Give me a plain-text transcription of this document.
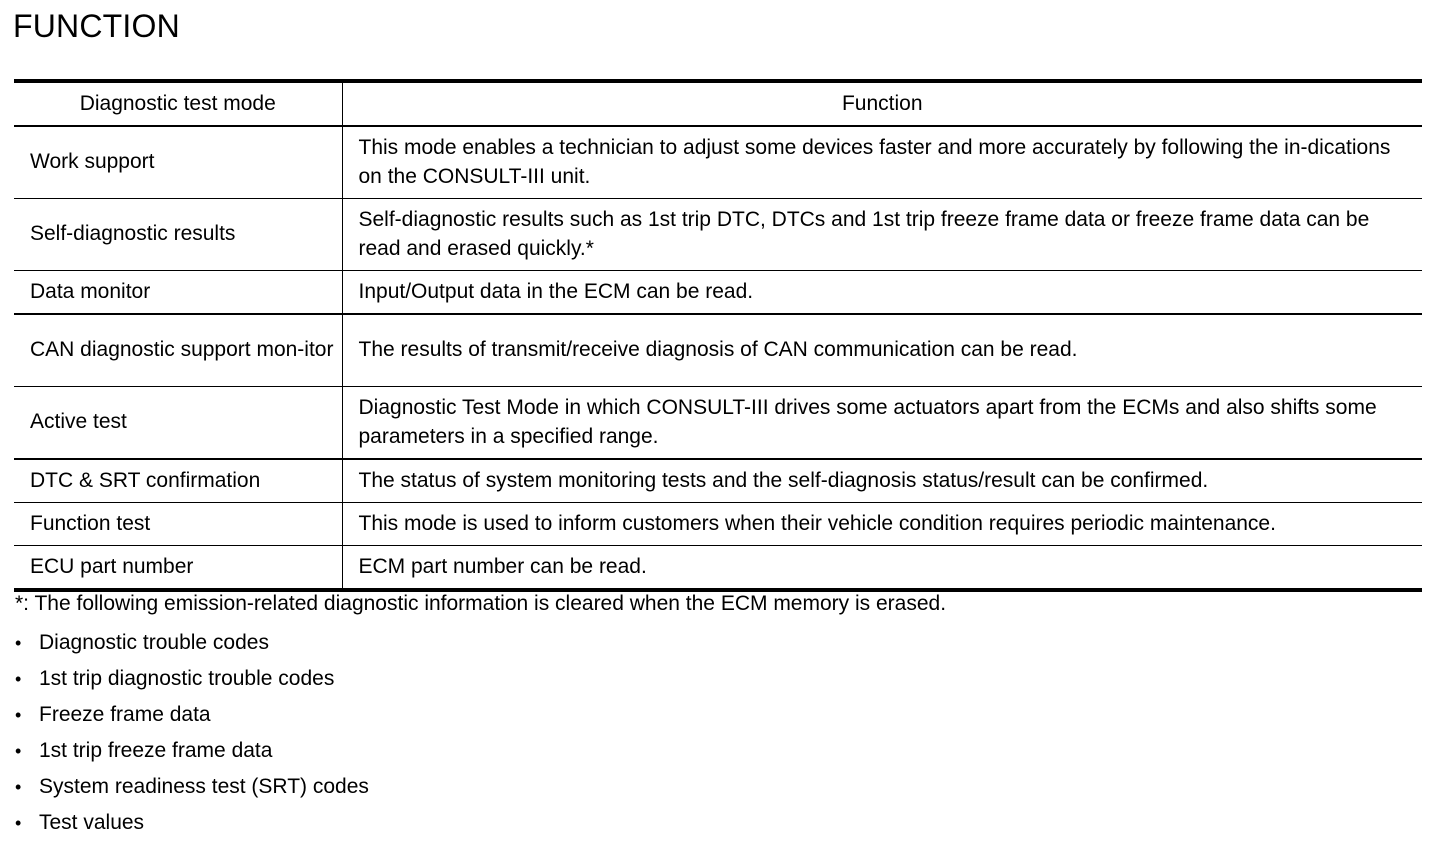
FUNCTION
Diagnostic test mode	Function
Work support	This mode enables a technician to adjust some devices faster and more accurately by following the in-dications on the CONSULT-III unit.
Self-diagnostic results	Self-diagnostic results such as 1st trip DTC, DTCs and 1st trip freeze frame data or freeze frame data can be read and erased quickly.*
Data monitor	Input/Output data in the ECM can be read.
CAN diagnostic support mon-itor	The results of transmit/receive diagnosis of CAN communication can be read.
Active test	Diagnostic Test Mode in which CONSULT-III drives some actuators apart from the ECMs and also shifts some parameters in a specified range.
DTC & SRT confirmation	The status of system monitoring tests and the self-diagnosis status/result can be confirmed.
Function test	This mode is used to inform customers when their vehicle condition requires periodic maintenance.
ECU part number	ECM part number can be read.

*: The following emission-related diagnostic information is cleared when the ECM memory is erased.

• Diagnostic trouble codes
• 1st trip diagnostic trouble codes
• Freeze frame data
• 1st trip freeze frame data
• System readiness test (SRT) codes
• Test values
